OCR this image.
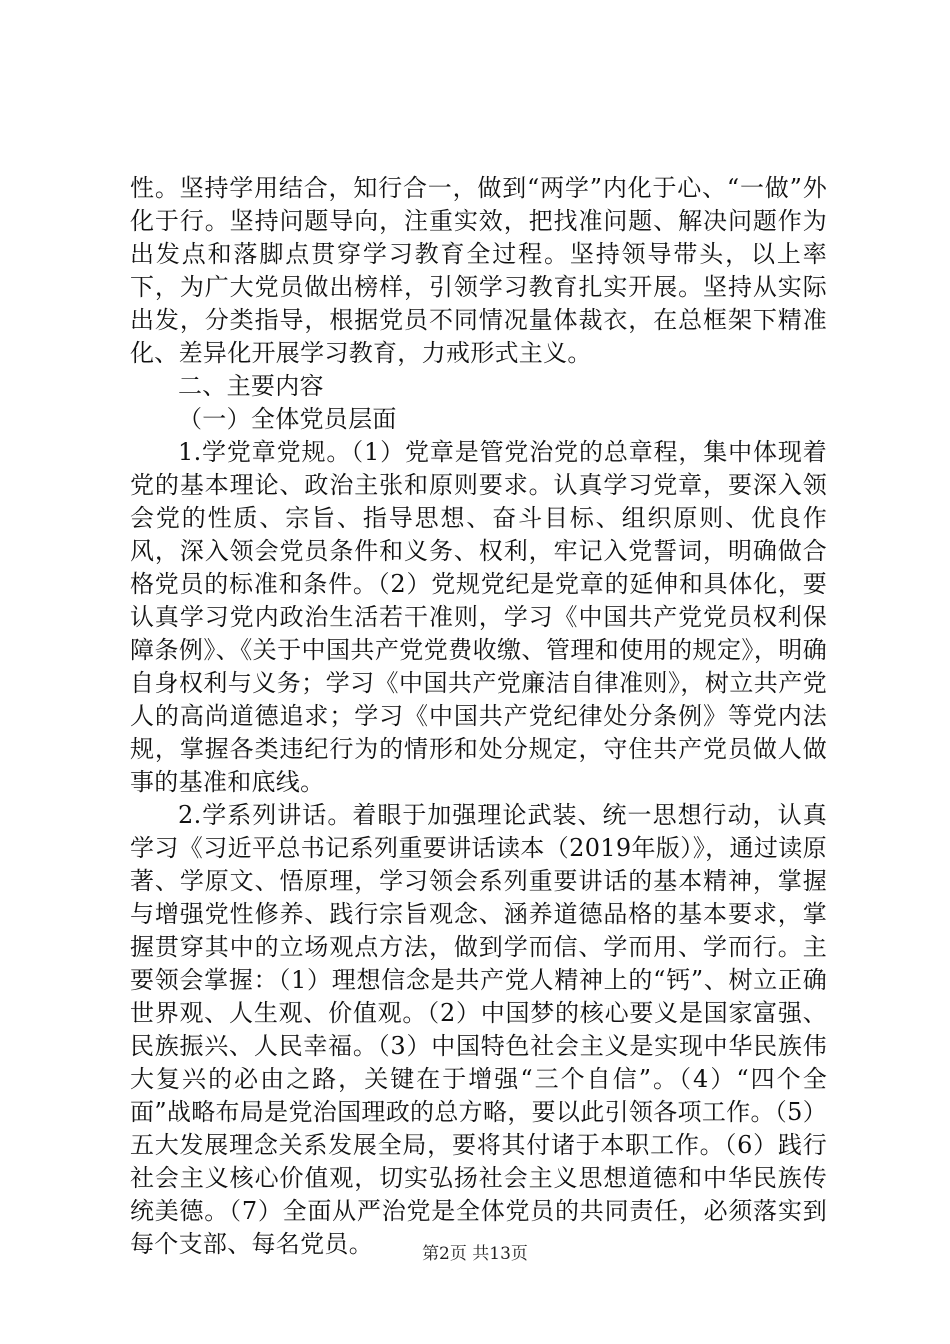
性。坚持学用结合，知行合一，做到“两学”内化于心、“一做”外化于行。坚持问题导向，注重实效，把找准问题、解决问题作为出发点和落脚点贯穿学习教育全过程。坚持领导带头，以上率下，为广大党员做出榜样，引领学习教育扎实开展。坚持从实际出发，分类指导，根据党员不同情况量体裁衣，在总框架下精准化、差异化开展学习教育，力戒形式主义。

二、主要内容

（一）全体党员层面

1.学党章党规。（1）党章是管党治党的总章程，集中体现着党的基本理论、政治主张和原则要求。认真学习党章，要深入领会党的性质、宗旨、指导思想、奋斗目标、组织原则、优良作风，深入领会党员条件和义务、权利，牢记入党誓词，明确做合格党员的标准和条件。（2）党规党纪是党章的延伸和具体化，要认真学习党内政治生活若干准则，学习《中国共产党党员权利保障条例》、《关于中国共产党党费收缴、管理和使用的规定》，明确自身权利与义务；学习《中国共产党廉洁自律准则》，树立共产党人的高尚道德追求；学习《中国共产党纪律处分条例》等党内法规，掌握各类违纪行为的情形和处分规定，守住共产党员做人做事的基准和底线。

2.学系列讲话。着眼于加强理论武装、统一思想行动，认真学习《习近平总书记系列重要讲话读本（2019年版）》，通过读原著、学原文、悟原理，学习领会系列重要讲话的基本精神，掌握与增强党性修养、践行宗旨观念、涵养道德品格的基本要求，掌握贯穿其中的立场观点方法，做到学而信、学而用、学而行。主要领会掌握：（1）理想信念是共产党人精神上的“钙”、树立正确世界观、人生观、价值观。（2）中国梦的核心要义是国家富强、民族振兴、人民幸福。（3）中国特色社会主义是实现中华民族伟大复兴的必由之路，关键在于增强“三个自信”。（4）“四个全面”战略布局是党治国理政的总方略，要以此引领各项工作。（5）五大发展理念关系发展全局，要将其付诸于本职工作。（6）践行社会主义核心价值观，切实弘扬社会主义思想道德和中华民族传统美德。（7）全面从严治党是全体党员的共同责任，必须落实到每个支部、每名党员。	第2页 共13页
